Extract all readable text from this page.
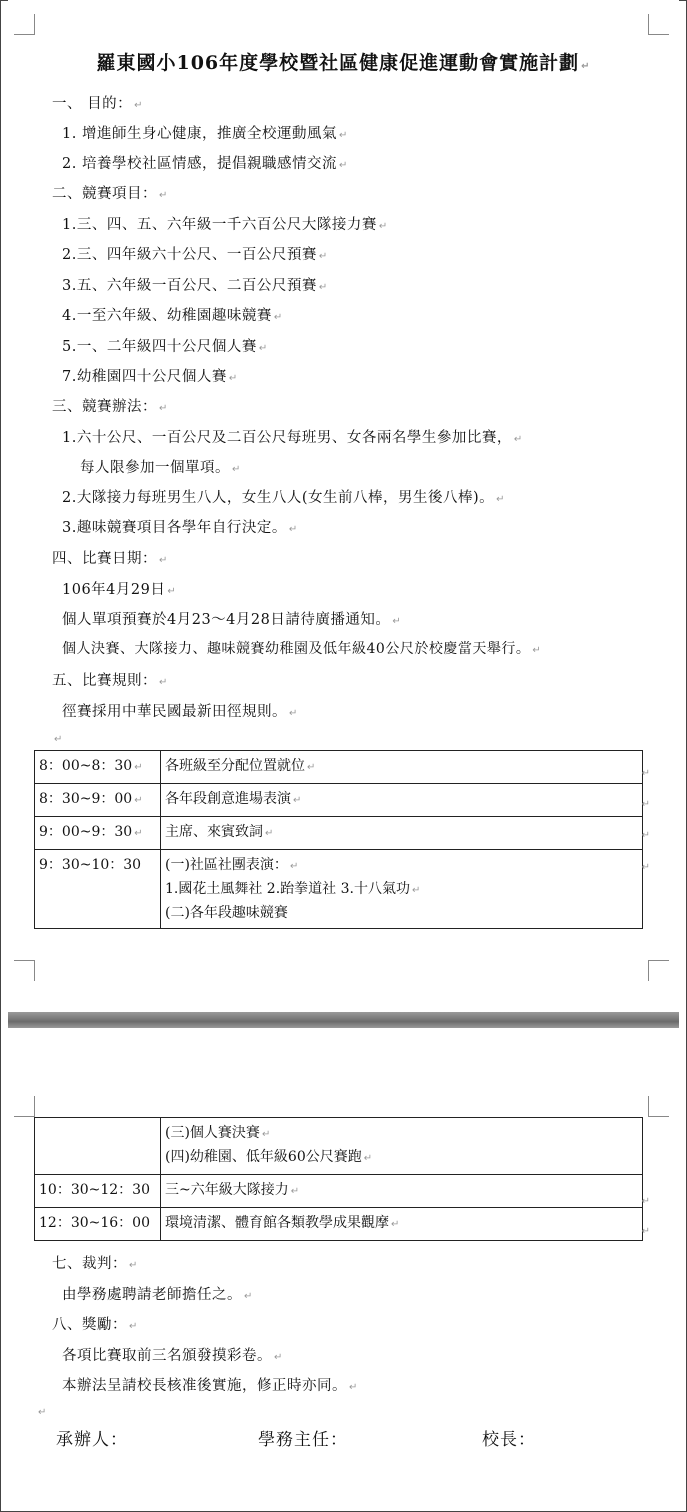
羅東國小106年度學校暨社區健康促進運動會實施計劃 ↵
一、 目的： ↵
1. 增進師生身心健康，推廣全校運動風氣 ↵
2. 培養學校社區情感，提倡親職感情交流 ↵
二、競賽項目： ↵
1.三、四、五、六年級一千六百公尺大隊接力賽 ↵
2.三、四年級六十公尺、一百公尺預賽 ↵
3.五、六年級一百公尺、二百公尺預賽 ↵
4.一至六年級、幼稚園趣味競賽 ↵
5.一、二年級四十公尺個人賽 ↵
7.幼稚園四十公尺個人賽 ↵
三、競賽辦法： ↵
1.六十公尺、一百公尺及二百公尺每班男、女各兩名學生參加比賽， ↵
每人限參加一個單項。 ↵
2.大隊接力每班男生八人，女生八人(女生前八棒，男生後八棒)。 ↵
3.趣味競賽項目各學年自行決定。 ↵
四、比賽日期： ↵
106年4月29日 ↵
個人單項預賽於4月23～4月28日請待廣播通知。 ↵
個人決賽、大隊接力、趣味競賽幼稚園及低年級40公尺於校慶當天舉行。 ↵
五、比賽規則： ↵
徑賽採用中華民國最新田徑規則。 ↵
↵
8：00~8：30 ↵	各班級至分配位置就位 ↵
8：30~9：00 ↵	各年段創意進場表演 ↵
9：00~9：30 ↵	主席、來賓致詞 ↵
9：30~10：30	(一)社區社團表演： ↵
1.國花土風舞社 2.跆拳道社 3.十八氣功 ↵
(二)各年段趣味競賽
↵
↵
↵
↵

	(三)個人賽決賽 ↵
(四)幼稚園、低年級60公尺賽跑 ↵

10：30~12：30	三~六年級大隊接力 ↵
12：30~16：00	環境清潔、體育館各類教學成果觀摩 ↵
↵
↵
七、裁判： ↵
由學務處聘請老師擔任之。 ↵
八、獎勵： ↵
各項比賽取前三名頒發摸彩卷。 ↵
本辦法呈請校長核准後實施，修正時亦同。 ↵
↵
承辦人：	學務主任：	校長：
